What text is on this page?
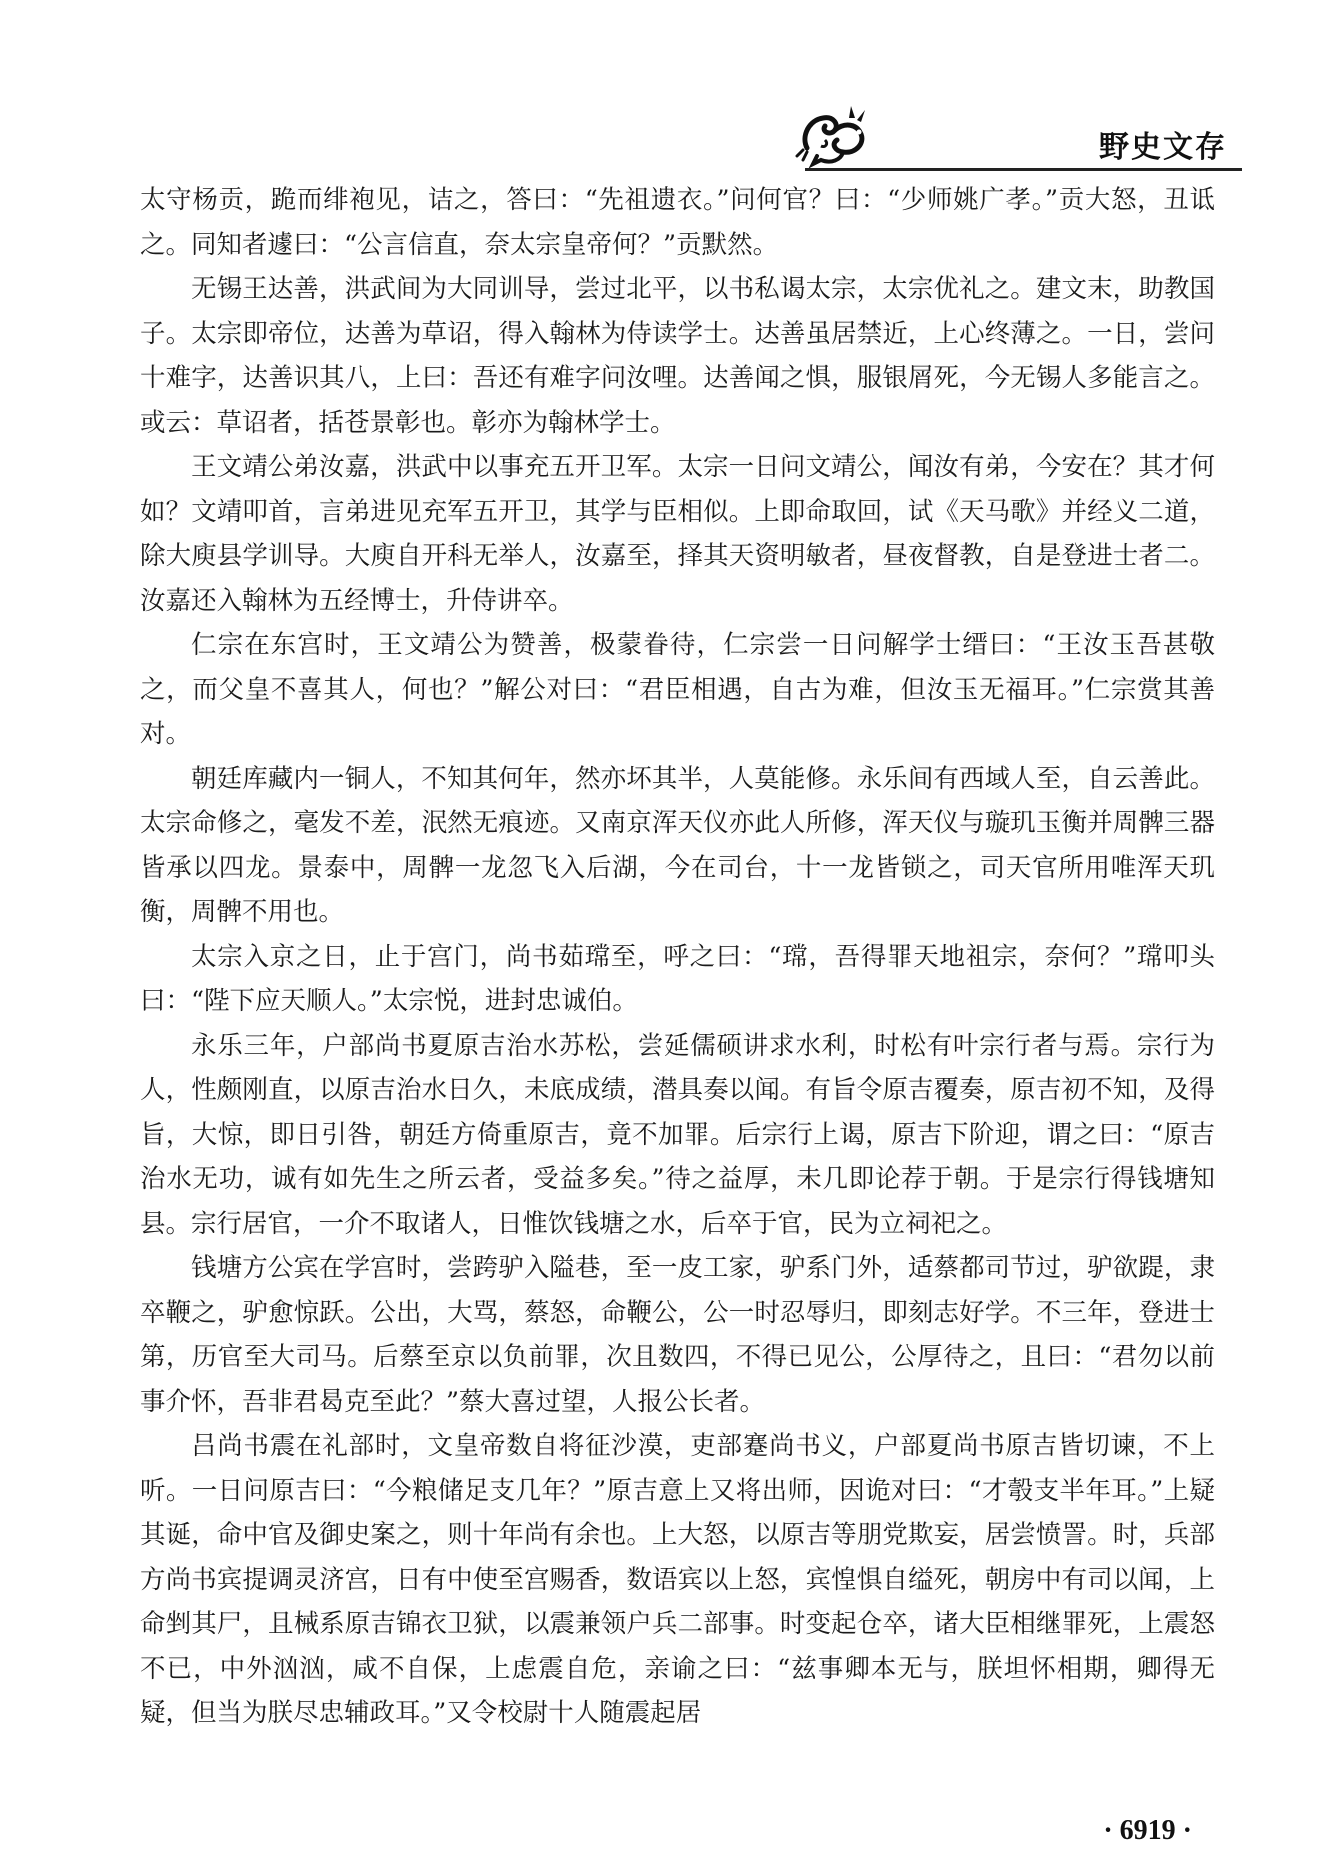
野史文存

太守杨贡，跪而绯袍见，诘之，答曰：“先祖遗衣。”问何官？曰：“少师姚广孝。”贡大怒，丑诋之。同知者遽曰：“公言信直，奈太宗皇帝何？”贡默然。

无锡王达善，洪武间为大同训导，尝过北平，以书私谒太宗，太宗优礼之。建文末，助教国子。太宗即帝位，达善为草诏，得入翰林为侍读学士。达善虽居禁近，上心终薄之。一日，尝问十难字，达善识其八，上曰：吾还有难字问汝哩。达善闻之惧，服银屑死，今无锡人多能言之。或云：草诏者，括苍景彰也。彰亦为翰林学士。

王文靖公弟汝嘉，洪武中以事充五开卫军。太宗一日问文靖公，闻汝有弟，今安在？其才何如？文靖叩首，言弟进见充军五开卫，其学与臣相似。上即命取回，试《天马歌》并经义二道，除大庾县学训导。大庾自开科无举人，汝嘉至，择其天资明敏者，昼夜督教，自是登进士者二。汝嘉还入翰林为五经博士，升侍讲卒。

仁宗在东宫时，王文靖公为赞善，极蒙眷待，仁宗尝一日问解学士缙曰：“王汝玉吾甚敬之，而父皇不喜其人，何也？”解公对曰：“君臣相遇，自古为难，但汝玉无福耳。”仁宗赏其善对。

朝廷库藏内一铜人，不知其何年，然亦坏其半，人莫能修。永乐间有西域人至，自云善此。太宗命修之，毫发不差，泯然无痕迹。又南京浑天仪亦此人所修，浑天仪与璇玑玉衡并周髀三器皆承以四龙。景泰中，周髀一龙忽飞入后湖，今在司台，十一龙皆锁之，司天官所用唯浑天玑衡，周髀不用也。

太宗入京之日，止于宫门，尚书茹瑺至，呼之曰：“瑺，吾得罪天地祖宗，奈何？”瑺叩头曰：“陛下应天顺人。”太宗悦，进封忠诚伯。

永乐三年，户部尚书夏原吉治水苏松，尝延儒硕讲求水利，时松有叶宗行者与焉。宗行为人，性颇刚直，以原吉治水日久，未底成绩，潜具奏以闻。有旨令原吉覆奏，原吉初不知，及得旨，大惊，即日引咎，朝廷方倚重原吉，竟不加罪。后宗行上谒，原吉下阶迎，谓之曰：“原吉治水无功，诚有如先生之所云者，受益多矣。”待之益厚，未几即论荐于朝。于是宗行得钱塘知县。宗行居官，一介不取诸人，日惟饮钱塘之水，后卒于官，民为立祠祀之。

钱塘方公宾在学宫时，尝跨驴入隘巷，至一皮工家，驴系门外，适蔡都司节过，驴欲踶，隶卒鞭之，驴愈惊跃。公出，大骂，蔡怒，命鞭公，公一时忍辱归，即刻志好学。不三年，登进士第，历官至大司马。后蔡至京以负前罪，次且数四，不得已见公，公厚待之，且曰：“君勿以前事介怀，吾非君曷克至此？”蔡大喜过望，人报公长者。

吕尚书震在礼部时，文皇帝数自将征沙漠，吏部蹇尚书义，户部夏尚书原吉皆切谏，不上听。一日问原吉曰：“今粮储足支几年？”原吉意上又将出师，因诡对曰：“才彀支半年耳。”上疑其诞，命中官及御史案之，则十年尚有余也。上大怒，以原吉等朋党欺妄，居尝愤詈。时，兵部方尚书宾提调灵济宫，日有中使至宫赐香，数语宾以上怒，宾惶惧自缢死，朝房中有司以闻，上命剉其尸，且械系原吉锦衣卫狱，以震兼领户兵二部事。时变起仓卒，诸大臣相继罪死，上震怒不已，中外汹汹，咸不自保，上虑震自危，亲谕之曰：“兹事卿本无与，朕坦怀相期，卿得无疑，但当为朕尽忠辅政耳。”又令校尉十人随震起居

· 6919 ·
